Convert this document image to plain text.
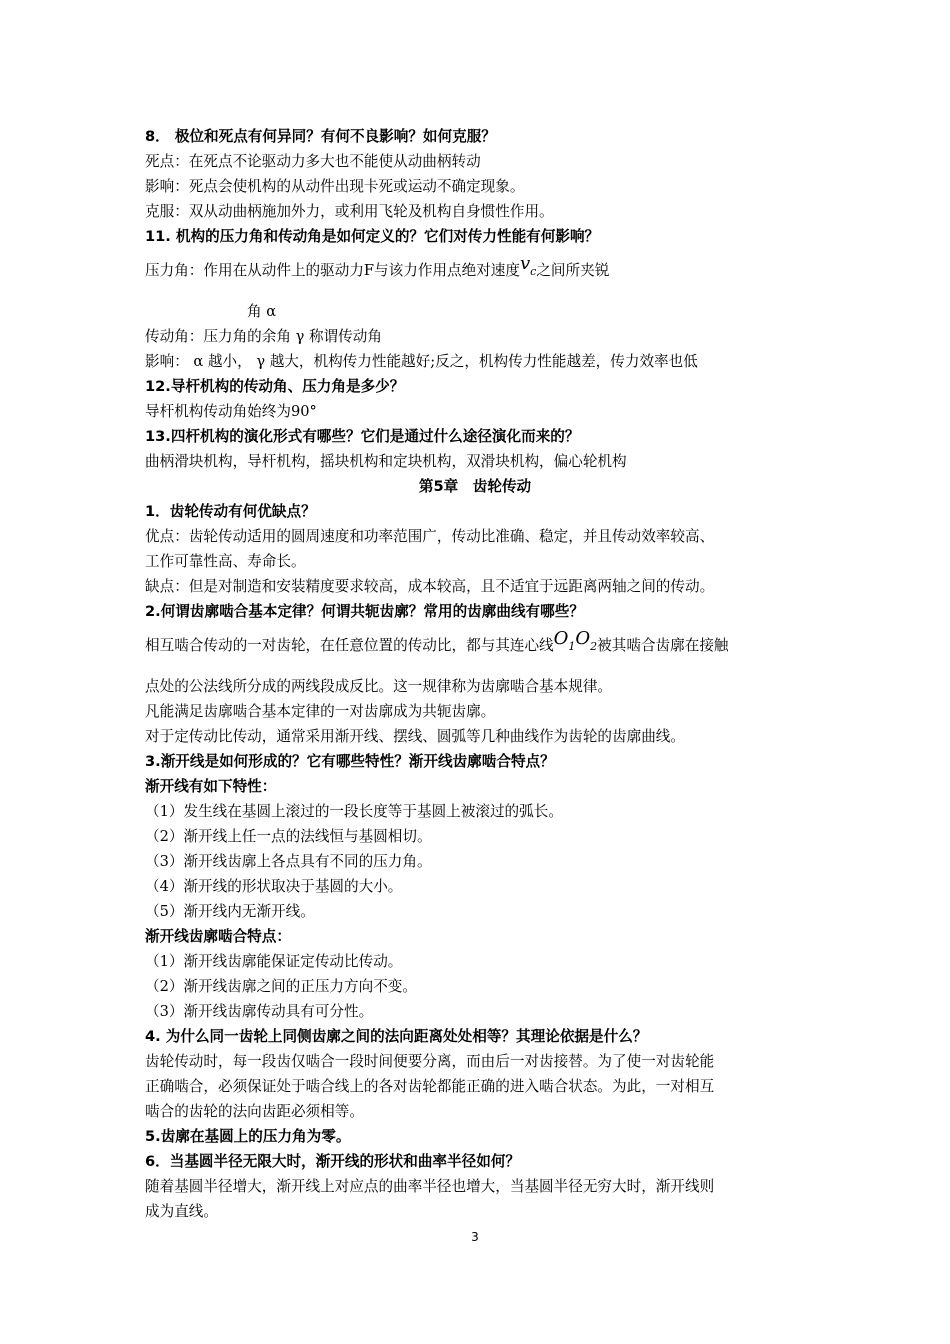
8． 极位和死点有何异同？有何不良影响？如何克服？
死点：在死点不论驱动力多大也不能使从动曲柄转动
影响：死点会使机构的从动件出现卡死或运动不确定现象。
克服：双从动曲柄施加外力，或利用飞轮及机构自身惯性作用。
11. 机构的压力角和传动角是如何定义的？它们对传力性能有何影响？
压力角：作用在从动件上的驱动力F与该力作用点绝对速度vc之间所夹锐
角 α
传动角：压力角的余角 γ 称谓传动角
影响： α 越小， γ 越大，机构传力性能越好;反之，机构传力性能越差，传力效率也低
12.导杆机构的传动角、压力角是多少？
导杆机构传动角始终为90°
13.四杆机构的演化形式有哪些？它们是通过什么途径演化而来的？
曲柄滑块机构，导杆机构，摇块机构和定块机构，双滑块机构，偏心轮机构
第5章　齿轮传动
1．齿轮传动有何优缺点？
优点：齿轮传动适用的圆周速度和功率范围广，传动比准确、稳定，并且传动效率较高、
工作可靠性高、寿命长。
缺点：但是对制造和安装精度要求较高，成本较高，且不适宜于远距离两轴之间的传动。
2.何谓齿廓啮合基本定律？何谓共轭齿廓？常用的齿廓曲线有哪些？
相互啮合传动的一对齿轮，在任意位置的传动比，都与其连心线O1O2被其啮合齿廓在接触
点处的公法线所分成的两线段成反比。这一规律称为齿廓啮合基本规律。
凡能满足齿廓啮合基本定律的一对齿廓成为共轭齿廓。
对于定传动比传动，通常采用渐开线、摆线、圆弧等几种曲线作为齿轮的齿廓曲线。
3.渐开线是如何形成的？它有哪些特性？渐开线齿廓啮合特点？
渐开线有如下特性：
（1）发生线在基圆上滚过的一段长度等于基圆上被滚过的弧长。
（2）渐开线上任一点的法线恒与基圆相切。
（3）渐开线齿廓上各点具有不同的压力角。
（4）渐开线的形状取决于基圆的大小。
（5）渐开线内无渐开线。
渐开线齿廓啮合特点：
（1）渐开线齿廓能保证定传动比传动。
（2）渐开线齿廓之间的正压力方向不变。
（3）渐开线齿廓传动具有可分性。
4. 为什么同一齿轮上同侧齿廓之间的法向距离处处相等？其理论依据是什么？
齿轮传动时，每一段齿仅啮合一段时间便要分离，而由后一对齿接替。为了使一对齿轮能
正确啮合，必须保证处于啮合线上的各对齿轮都能正确的进入啮合状态。为此，一对相互
啮合的齿轮的法向齿距必须相等。
5.齿廓在基圆上的压力角为零。
6．当基圆半径无限大时，渐开线的形状和曲率半径如何？
随着基圆半径增大，渐开线上对应点的曲率半径也增大，当基圆半径无穷大时，渐开线则
成为直线。
3
